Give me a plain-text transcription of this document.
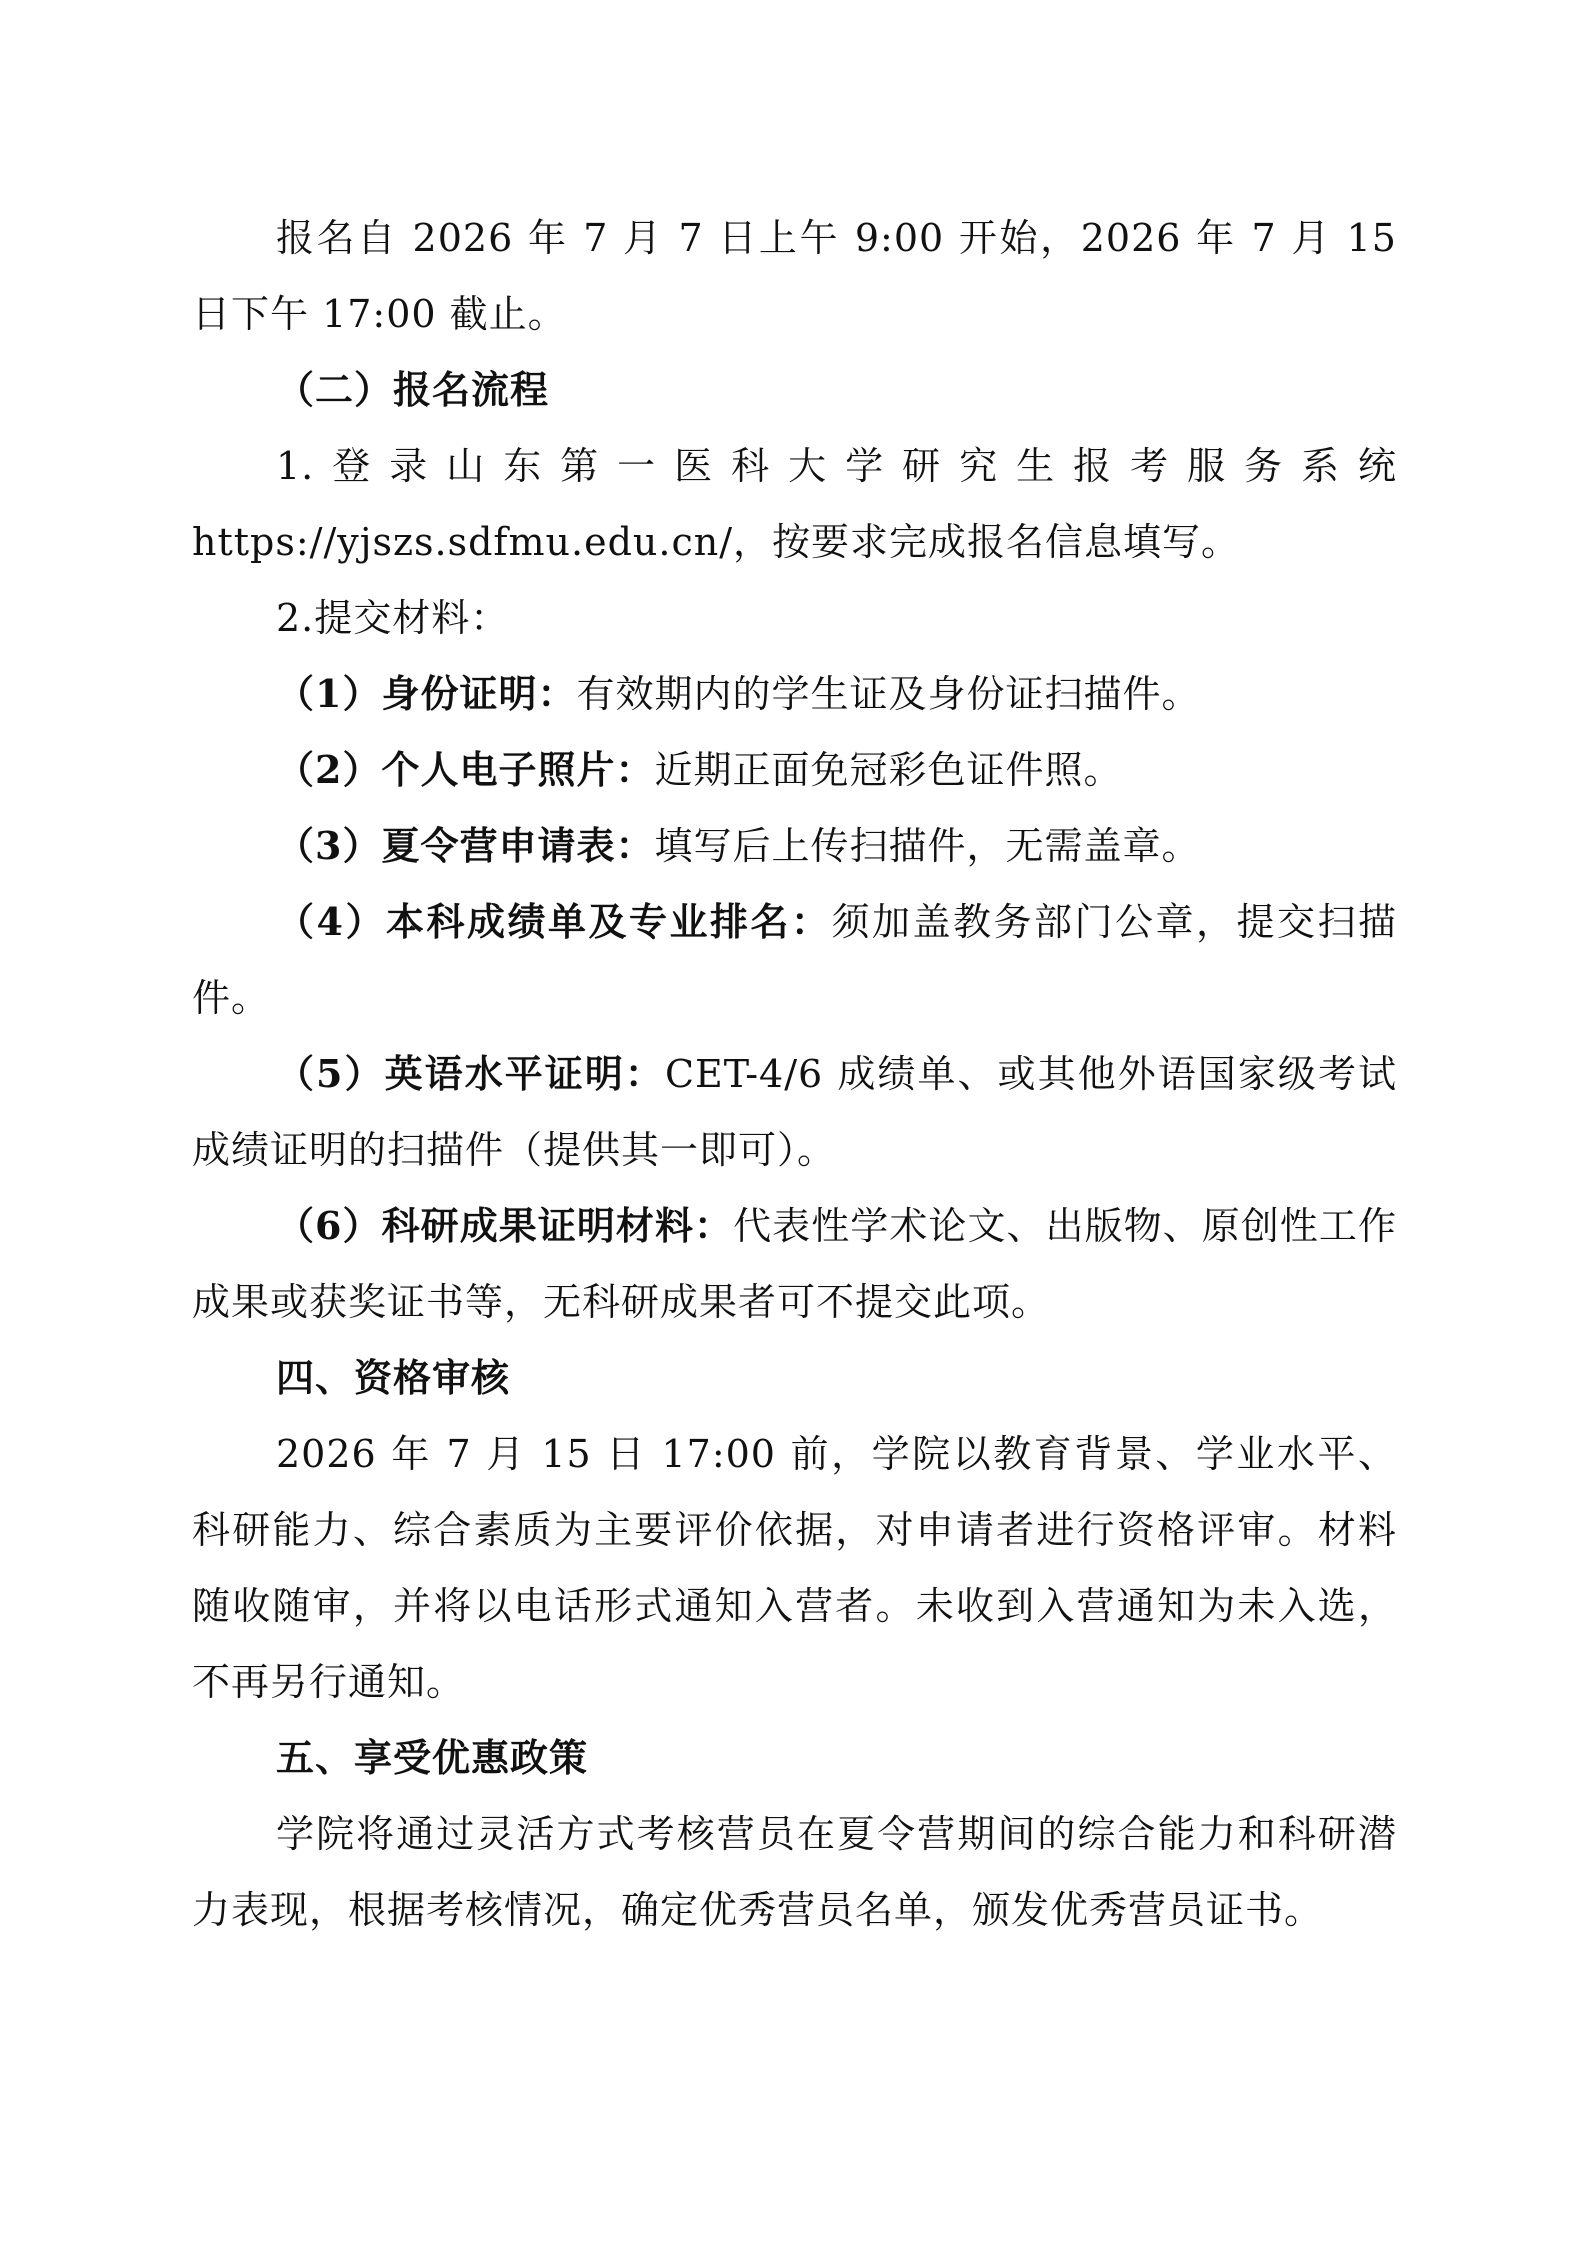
报名自 2026 年 7 月 7 日上午 9:00 开始，2026 年 7 月 15 日下午 17:00 截止。

（二）报名流程

1.登录山东第一医科大学研究生报考服务系统

https://yjszs.sdfmu.edu.cn/，按要求完成报名信息填写。

2.提交材料：

（1）身份证明：有效期内的学生证及身份证扫描件。

（2）个人电子照片：近期正面免冠彩色证件照。

（3）夏令营申请表：填写后上传扫描件，无需盖章。

（4）本科成绩单及专业排名：须加盖教务部门公章，提交扫描件。

（5）英语水平证明：CET-4/6 成绩单、或其他外语国家级考试成绩证明的扫描件（提供其一即可）。

（6）科研成果证明材料：代表性学术论文、出版物、原创性工作成果或获奖证书等，无科研成果者可不提交此项。

四、资格审核

2026 年 7 月 15 日 17:00 前，学院以教育背景、学业水平、科研能力、综合素质为主要评价依据，对申请者进行资格评审。材料随收随审，并将以电话形式通知入营者。未收到入营通知为未入选，不再另行通知。

五、享受优惠政策

学院将通过灵活方式考核营员在夏令营期间的综合能力和科研潜力表现，根据考核情况，确定优秀营员名单，颁发优秀营员证书。
